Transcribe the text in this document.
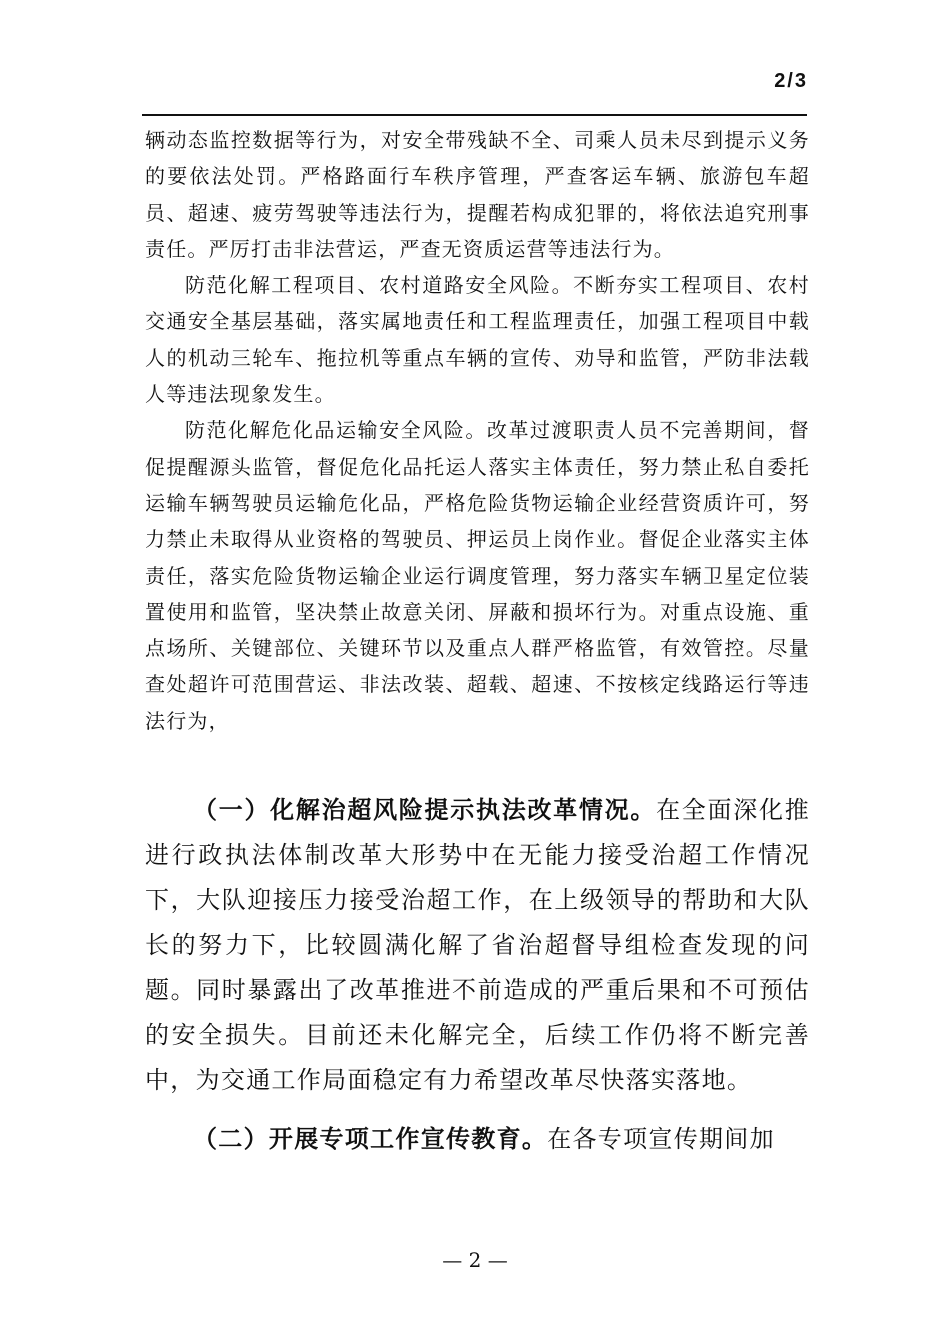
2/3

辆动态监控数据等行为，对安全带残缺不全、司乘人员未尽到提示义务的要依法处罚。严格路面行车秩序管理，严查客运车辆、旅游包车超员、超速、疲劳驾驶等违法行为，提醒若构成犯罪的，将依法追究刑事责任。严厉打击非法营运，严查无资质运营等违法行为。

防范化解工程项目、农村道路安全风险。不断夯实工程项目、农村交通安全基层基础，落实属地责任和工程监理责任，加强工程项目中载人的机动三轮车、拖拉机等重点车辆的宣传、劝导和监管，严防非法载人等违法现象发生。

防范化解危化品运输安全风险。改革过渡职责人员不完善期间，督促提醒源头监管，督促危化品托运人落实主体责任，努力禁止私自委托运输车辆驾驶员运输危化品，严格危险货物运输企业经营资质许可，努力禁止未取得从业资格的驾驶员、押运员上岗作业。督促企业落实主体责任，落实危险货物运输企业运行调度管理，努力落实车辆卫星定位装置使用和监管，坚决禁止故意关闭、屏蔽和损坏行为。对重点设施、重点场所、关键部位、关键环节以及重点人群严格监管，有效管控。尽量查处超许可范围营运、非法改装、超载、超速、不按核定线路运行等违法行为，

（一）化解治超风险提示执法改革情况。在全面深化推进行政执法体制改革大形势中在无能力接受治超工作情况下，大队迎接压力接受治超工作，在上级领导的帮助和大队长的努力下，比较圆满化解了省治超督导组检查发现的问题。同时暴露出了改革推进不前造成的严重后果和不可预估的安全损失。目前还未化解完全，后续工作仍将不断完善中，为交通工作局面稳定有力希望改革尽快落实落地。

（二）开展专项工作宣传教育。在各专项宣传期间加

— 2 —
